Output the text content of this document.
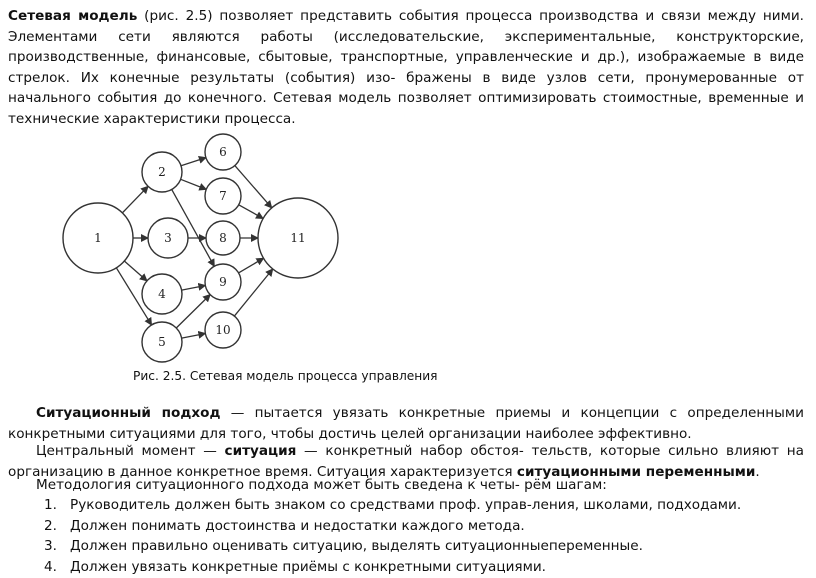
Сетевая модель (рис. 2.5) позволяет представить события процесса производства и связи между ними. Элементами сети являются работы (исследовательские, экспериментальные, конструкторские, производственные, финансовые, сбытовые, транспортные, управленческие и др.), изображаемые в виде стрелок. Их конечные результаты (события) изо- бражены в виде узлов сети, пронумерованные от начального события до конечного. Сетевая модель позволяет оптимизировать стоимостные, временные и технические характеристики процесса.

1
2
3
4
5
6
7
8
9
10
11

Рис. 2.5. Сетевая модель процесса управления

Ситуационный подход — пытается увязать конкретные приемы и концепции с определенными конкретными ситуациями для того, чтобы достичь целей организации наиболее эффективно.

Центральный момент — ситуация — конкретный набор обстоя- тельств, которые сильно влияют на организацию в данное конкретное время. Ситуация характеризуется ситуационными переменными.

Методология ситуационного подхода может быть сведена к четы- рём шагам:

1. Руководитель должен быть знаком со средствами проф. управ-ления, школами, подходами.
2. Должен понимать достоинства и недостатки каждого метода.
3. Должен правильно оценивать ситуацию, выделять ситуационныепеременные.
4. Должен увязать конкретные приёмы с конкретными ситуациями.
